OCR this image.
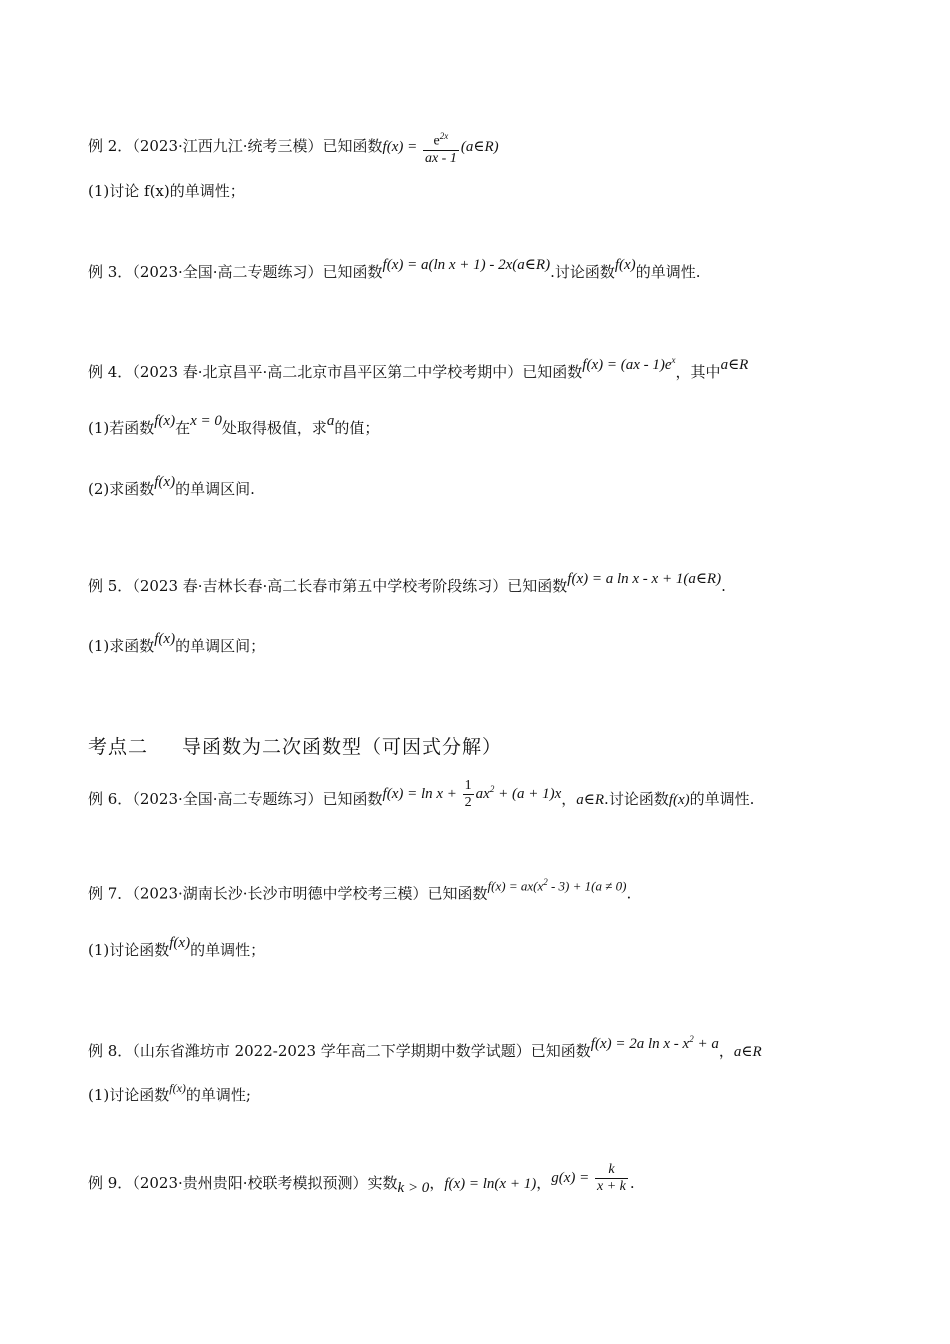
例 2．（2023·江西九江·统考三模）已知函数$f(x) = \frac{e^{2x}}{ax - 1}$ (a∈R)
(1)讨论 f(x)的单调性；
例 3．（2023·全国·高二专题练习）已知函数f(x) = a(ln x + 1) - 2x(a∈R).讨论函数f(x)的单调性.
例 4．（2023 春·北京昌平·高二北京市昌平区第二中学校考期中）已知函数$f(x) = (ax - 1)e^x$，其中a∈R
(1)若函数f(x)在x = 0处取得极值，求a的值；
(2)求函数f(x)的单调区间.
例 5．（2023 春·吉林长春·高二长春市第五中学校考阶段练习）已知函数f(x) = a ln x - x + 1(a∈R).
(1)求函数f(x)的单调区间；
考点二 导函数为二次函数型（可因式分解）
例 6．（2023·全国·高二专题练习）已知函数$f(x) = \ln x + \frac{1}{2} ax^2 + (a + 1)x$，a∈R.讨论函数f(x)的单调性.
例 7．（2023·湖南长沙·长沙市明德中学校考三模）已知函数$f(x) = ax(x^2 - 3) + 1(a \ne 0)$.
(1)讨论函数f(x)的单调性；
例 8．（山东省潍坊市 2022-2023 学年高二下学期期中数学试题）已知函数f(x) = 2a $\ln x - x^2 + a$，a∈R
(1)讨论函数f(x)的单调性;
例 9．（2023·贵州贵阳·校联考模拟预测）实数k > 0，f(x) = ln(x + 1)，$g(x) = \frac{k}{x + k}$ .
